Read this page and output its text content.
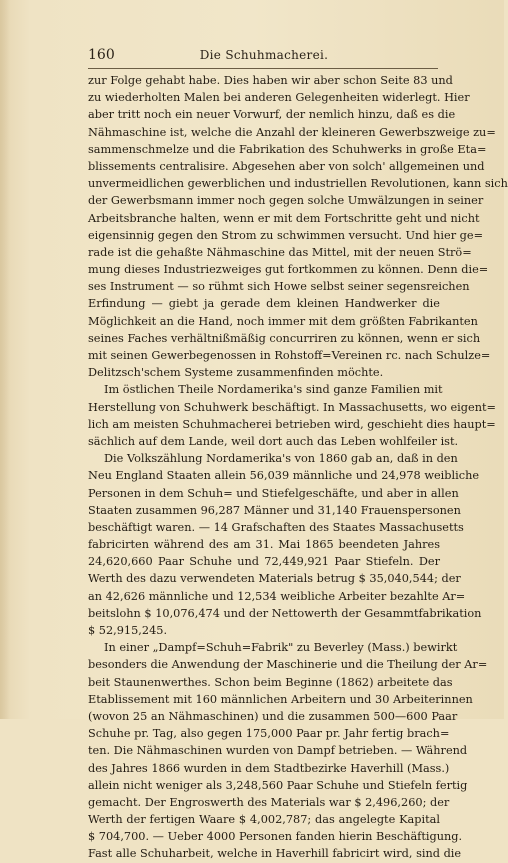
160	Die Schuhmacherei.
zur Folge gehabt habe. Dies haben wir aber schon Seite 83 und
zu wiederholten Malen bei anderen Gelegenheiten widerlegt. Hier
aber tritt noch ein neuer Vorwurf, der nemlich hinzu, daß es die
Nähmaschine ist, welche die Anzahl der kleineren Gewerbszweige zu=
sammenschmelze und die Fabrikation des Schuhwerks in große Eta=
blissements centralisire. Abgesehen aber von solch' allgemeinen und
unvermeidlichen gewerblichen und industriellen Revolutionen, kann sich
der Gewerbsmann immer noch gegen solche Umwälzungen in seiner
Arbeitsbranche halten, wenn er mit dem Fortschritte geht und nicht
eigensinnig gegen den Strom zu schwimmen versucht. Und hier ge=
rade ist die gehaßte Nähmaschine das Mittel, mit der neuen Strö=
mung dieses Industriezweiges gut fortkommen zu können. Denn die=
ses Instrument — so rühmt sich Howe selbst seiner segensreichen
Erfindung — giebt ja gerade dem kleinen Handwerker die
Möglichkeit an die Hand, noch immer mit dem größten Fabrikanten
seines Faches verhältnißmäßig concurriren zu können, wenn er sich
mit seinen Gewerbegenossen in Rohstoff=Vereinen rc. nach Schulze=
Delitzsch'schem Systeme zusammenfinden möchte.
Im östlichen Theile Nordamerika's sind ganze Familien mit
Herstellung von Schuhwerk beschäftigt. In Massachusetts, wo eigent=
lich am meisten Schuhmacherei betrieben wird, geschieht dies haupt=
sächlich auf dem Lande, weil dort auch das Leben wohlfeiler ist.
Die Volkszählung Nordamerika's von 1860 gab an, daß in den
Neu England Staaten allein 56,039 männliche und 24,978 weibliche
Personen in dem Schuh= und Stiefelgeschäfte, und aber in allen
Staaten zusammen 96,287 Männer und 31,140 Frauenspersonen
beschäftigt waren. — 14 Grafschaften des Staates Massachusetts
fabricirten während des am 31. Mai 1865 beendeten Jahres
24,620,660 Paar Schuhe und 72,449,921 Paar Stiefeln. Der
Werth des dazu verwendeten Materials betrug $ 35,040,544; der
an 42,626 männliche und 12,534 weibliche Arbeiter bezahlte Ar=
beitslohn $ 10,076,474 und der Nettowerth der Gesammtfabrikation
$ 52,915,245.
In einer „Dampf=Schuh=Fabrik" zu Beverley (Mass.) bewirkt
besonders die Anwendung der Maschinerie und die Theilung der Ar=
beit Staunenwerthes. Schon beim Beginne (1862) arbeitete das
Etablissement mit 160 männlichen Arbeitern und 30 Arbeiterinnen
(wovon 25 an Nähmaschinen) und die zusammen 500—600 Paar
Schuhe pr. Tag, also gegen 175,000 Paar pr. Jahr fertig brach=
ten. Die Nähmaschinen wurden von Dampf betrieben. — Während
des Jahres 1866 wurden in dem Stadtbezirke Haverhill (Mass.)
allein nicht weniger als 3,248,560 Paar Schuhe und Stiefeln fertig
gemacht. Der Engroswerth des Materials war $ 2,496,260; der
Werth der fertigen Waare $ 4,002,787; das angelegte Kapital
$ 704,700. — Ueber 4000 Personen fanden hierin Beschäftigung.
Fast alle Schuharbeit, welche in Haverhill fabricirt wird, sind die
